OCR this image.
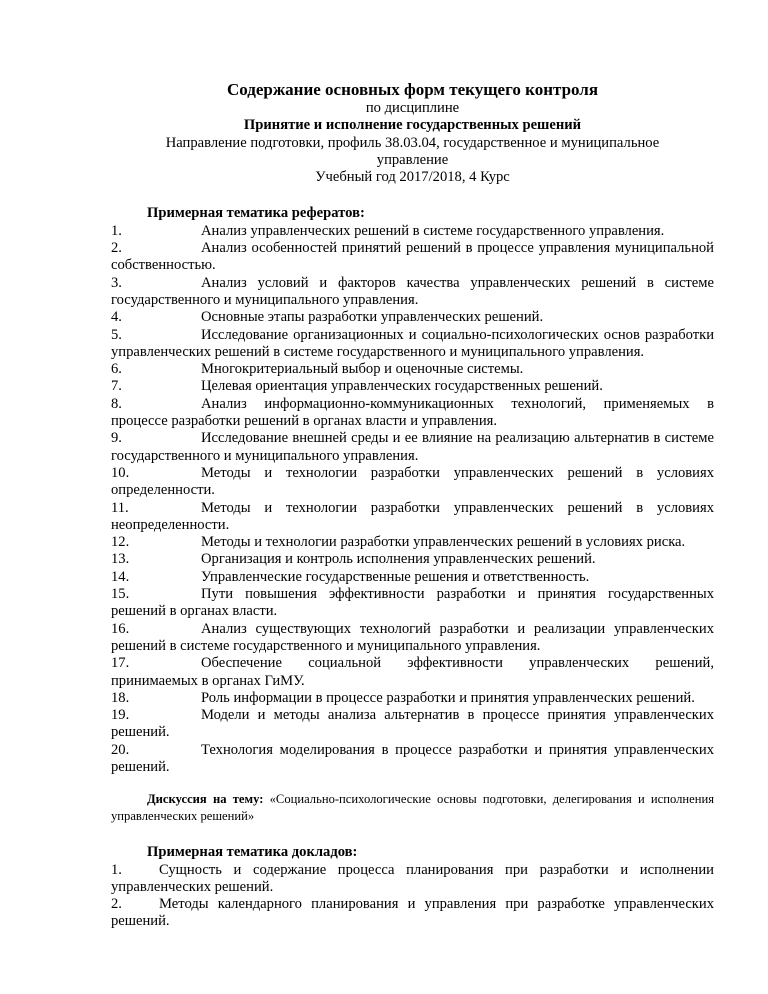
Содержание основных форм текущего контроля
по дисциплине
Принятие и исполнение государственных решений
Направление подготовки, профиль 38.03.04, государственное и муниципальное
управление
Учебный год 2017/2018, 4 Курс
Примерная тематика рефератов:
1.	Анализ управленческих решений в системе государственного управления.
2.	Анализ особенностей принятий решений в процессе управления муниципальной собственностью.
3.	Анализ условий и факторов качества управленческих решений в системе государственного и муниципального управления.
4.	Основные этапы разработки управленческих решений.
5.	Исследование организационных и социально-психологических основ разработки управленческих решений в системе государственного и муниципального управления.
6.	Многокритериальный выбор и оценочные системы.
7.	Целевая ориентация управленческих государственных решений.
8.	Анализ информационно-коммуникационных технологий, применяемых в процессе разработки решений в органах власти и управления.
9.	Исследование внешней среды и ее влияние на реализацию альтернатив в системе государственного и муниципального управления.
10.	Методы и технологии разработки управленческих решений в условиях определенности.
11.	Методы и технологии разработки управленческих решений в условиях неопределенности.
12.	Методы и технологии разработки управленческих решений в условиях риска.
13.	Организация и контроль исполнения управленческих решений.
14.	Управленческие государственные решения и ответственность.
15.	Пути повышения эффективности разработки и принятия государственных решений в органах власти.
16.	Анализ существующих технологий разработки и реализации управленческих решений в системе государственного и муниципального управления.
17.	Обеспечение социальной эффективности управленческих решений, принимаемых в органах ГиМУ.
18.	Роль информации в процессе разработки и принятия управленческих решений.
19.	Модели и методы анализа альтернатив в процессе принятия управленческих решений.
20.	Технология моделирования в процессе разработки и принятия управленческих решений.
Дискуссия на тему: «Социально-психологические основы подготовки, делегирования и исполнения управленческих решений»
Примерная тематика докладов:
1.	Сущность и содержание процесса планирования при разработки и исполнении управленческих решений.
2.	Методы календарного планирования и управления при разработке управленческих решений.
